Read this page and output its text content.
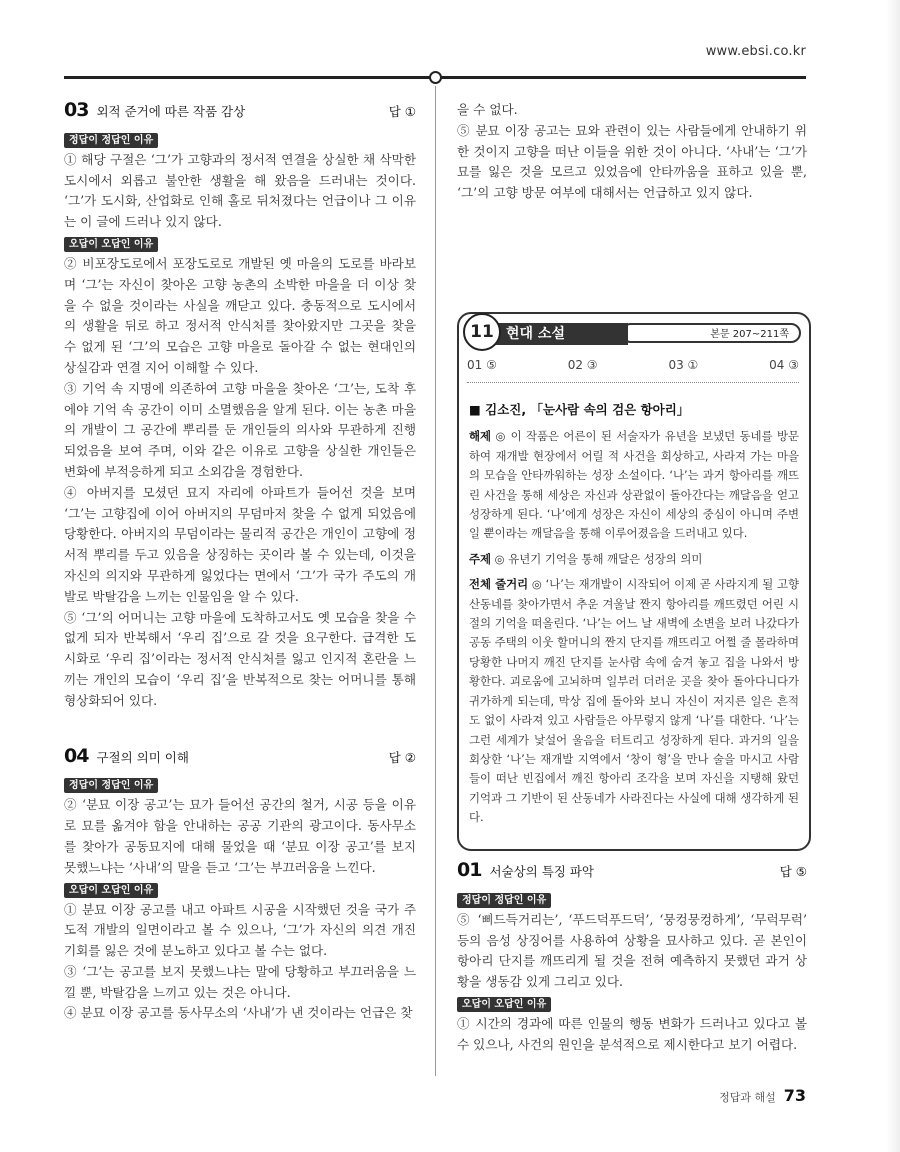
www.ebsi.co.kr
03 외적 준거에 따른 작품 감상	답 ①
정답이 정답인 이유

① 해당 구절은 ‘그’가 고향과의 정서적 연결을 상실한 채 삭막한 도시에서 외롭고 불안한 생활을 해 왔음을 드러내는 것이다. ‘그’가 도시화, 산업화로 인해 홀로 뒤처졌다는 언급이나 그 이유는 이 글에 드러나 있지 않다.

오답이 오답인 이유

② 비포장도로에서 포장도로로 개발된 옛 마을의 도로를 바라보며 ‘그’는 자신이 찾아온 고향 농촌의 소박한 마을을 더 이상 찾을 수 없을 것이라는 사실을 깨닫고 있다. 충동적으로 도시에서의 생활을 뒤로 하고 정서적 안식처를 찾아왔지만 그곳을 찾을 수 없게 된 ‘그’의 모습은 고향 마을로 돌아갈 수 없는 현대인의 상실감과 연결 지어 이해할 수 있다.

③ 기억 속 지명에 의존하여 고향 마을을 찾아온 ‘그’는, 도착 후에야 기억 속 공간이 이미 소멸했음을 알게 된다. 이는 농촌 마을의 개발이 그 공간에 뿌리를 둔 개인들의 의사와 무관하게 진행되었음을 보여 주며, 이와 같은 이유로 고향을 상실한 개인들은 변화에 부적응하게 되고 소외감을 경험한다.

④ 아버지를 모셨던 묘지 자리에 아파트가 들어선 것을 보며 ‘그’는 고향집에 이어 아버지의 무덤마저 찾을 수 없게 되었음에 당황한다. 아버지의 무덤이라는 물리적 공간은 개인이 고향에 정서적 뿌리를 두고 있음을 상징하는 곳이라 볼 수 있는데, 이것을 자신의 의지와 무관하게 잃었다는 면에서 ‘그’가 국가 주도의 개발로 박탈감을 느끼는 인물임을 알 수 있다.

⑤ ‘그’의 어머니는 고향 마을에 도착하고서도 옛 모습을 찾을 수 없게 되자 반복해서 ‘우리 집’으로 갈 것을 요구한다. 급격한 도시화로 ‘우리 집’이라는 정서적 안식처를 잃고 인지적 혼란을 느끼는 개인의 모습이 ‘우리 집’을 반복적으로 찾는 어머니를 통해 형상화되어 있다.

04 구절의 의미 이해	답 ②
정답이 정답인 이유

② ‘분묘 이장 공고’는 묘가 들어선 공간의 철거, 시공 등을 이유로 묘를 옮겨야 함을 안내하는 공공 기관의 광고이다. 동사무소를 찾아가 공동묘지에 대해 물었을 때 ‘분묘 이장 공고’를 보지 못했느냐는 ‘사내’의 말을 듣고 ‘그’는 부끄러움을 느낀다.

오답이 오답인 이유

① 분묘 이장 공고를 내고 아파트 시공을 시작했던 것을 국가 주도적 개발의 일면이라고 볼 수 있으나, ‘그’가 자신의 의견 개진 기회를 잃은 것에 분노하고 있다고 볼 수는 없다.

③ ‘그’는 공고를 보지 못했느냐는 말에 당황하고 부끄러움을 느낄 뿐, 박탈감을 느끼고 있는 것은 아니다.

④ 분묘 이장 공고를 동사무소의 ‘사내’가 낸 것이라는 언급은 찾

을 수 없다.

⑤ 분묘 이장 공고는 묘와 관련이 있는 사람들에게 안내하기 위한 것이지 고향을 떠난 이들을 위한 것이 아니다. ‘사내’는 ‘그’가 묘를 잃은 것을 모르고 있었음에 안타까움을 표하고 있을 뿐, ‘그’의 고향 방문 여부에 대해서는 언급하고 있지 않다.

현대 소설
11	본문 207~211쪽
01 ⑤	02 ③	03 ①	04 ③

■ 김소진, 「눈사람 속의 검은 항아리」

해제 ◎ 이 작품은 어른이 된 서술자가 유년을 보냈던 동네를 방문하여 재개발 현장에서 어릴 적 사건을 회상하고, 사라져 가는 마을의 모습을 안타까워하는 성장 소설이다. ‘나’는 과거 항아리를 깨뜨린 사건을 통해 세상은 자신과 상관없이 돌아간다는 깨달음을 얻고 성장하게 된다. ‘나’에게 성장은 자신이 세상의 중심이 아니며 주변일 뿐이라는 깨달음을 통해 이루어졌음을 드러내고 있다.

주제 ◎ 유년기 기억을 통해 깨달은 성장의 의미

전체 줄거리 ◎ ‘나’는 재개발이 시작되어 이제 곧 사라지게 될 고향 산동네를 찾아가면서 추운 겨울날 짠지 항아리를 깨뜨렸던 어린 시절의 기억을 떠올린다. ‘나’는 어느 날 새벽에 소변을 보러 나갔다가 공동 주택의 이웃 할머니의 짠지 단지를 깨뜨리고 어쩔 줄 몰라하며 당황한 나머지 깨진 단지를 눈사람 속에 숨겨 놓고 집을 나와서 방황한다. 괴로움에 고뇌하며 일부러 더러운 곳을 찾아 돌아다니다가 귀가하게 되는데, 막상 집에 돌아와 보니 자신이 저지른 일은 흔적도 없이 사라져 있고 사람들은 아무렇지 않게 ‘나’를 대한다. ‘나’는 그런 세계가 낯설어 울음을 터트리고 성장하게 된다. 과거의 일을 회상한 ‘나’는 재개발 지역에서 ‘창이 형’을 만나 술을 마시고 사람들이 떠난 빈집에서 깨진 항아리 조각을 보며 자신을 지탱해 왔던 기억과 그 기반이 된 산동네가 사라진다는 사실에 대해 생각하게 된다.

01 서술상의 특징 파악	답 ⑤
정답이 정답인 이유

⑤ ‘삐드득거리는’, ‘푸드덕푸드덕’, ‘뭉컹뭉컹하게’, ‘무럭무럭’ 등의 음성 상징어를 사용하여 상황을 묘사하고 있다. 곧 본인이 항아리 단지를 깨뜨리게 될 것을 전혀 예측하지 못했던 과거 상황을 생동감 있게 그리고 있다.

오답이 오답인 이유

① 시간의 경과에 따른 인물의 행동 변화가 드러나고 있다고 볼 수 있으나, 사건의 원인을 분석적으로 제시한다고 보기 어렵다.

정답과 해설 73
